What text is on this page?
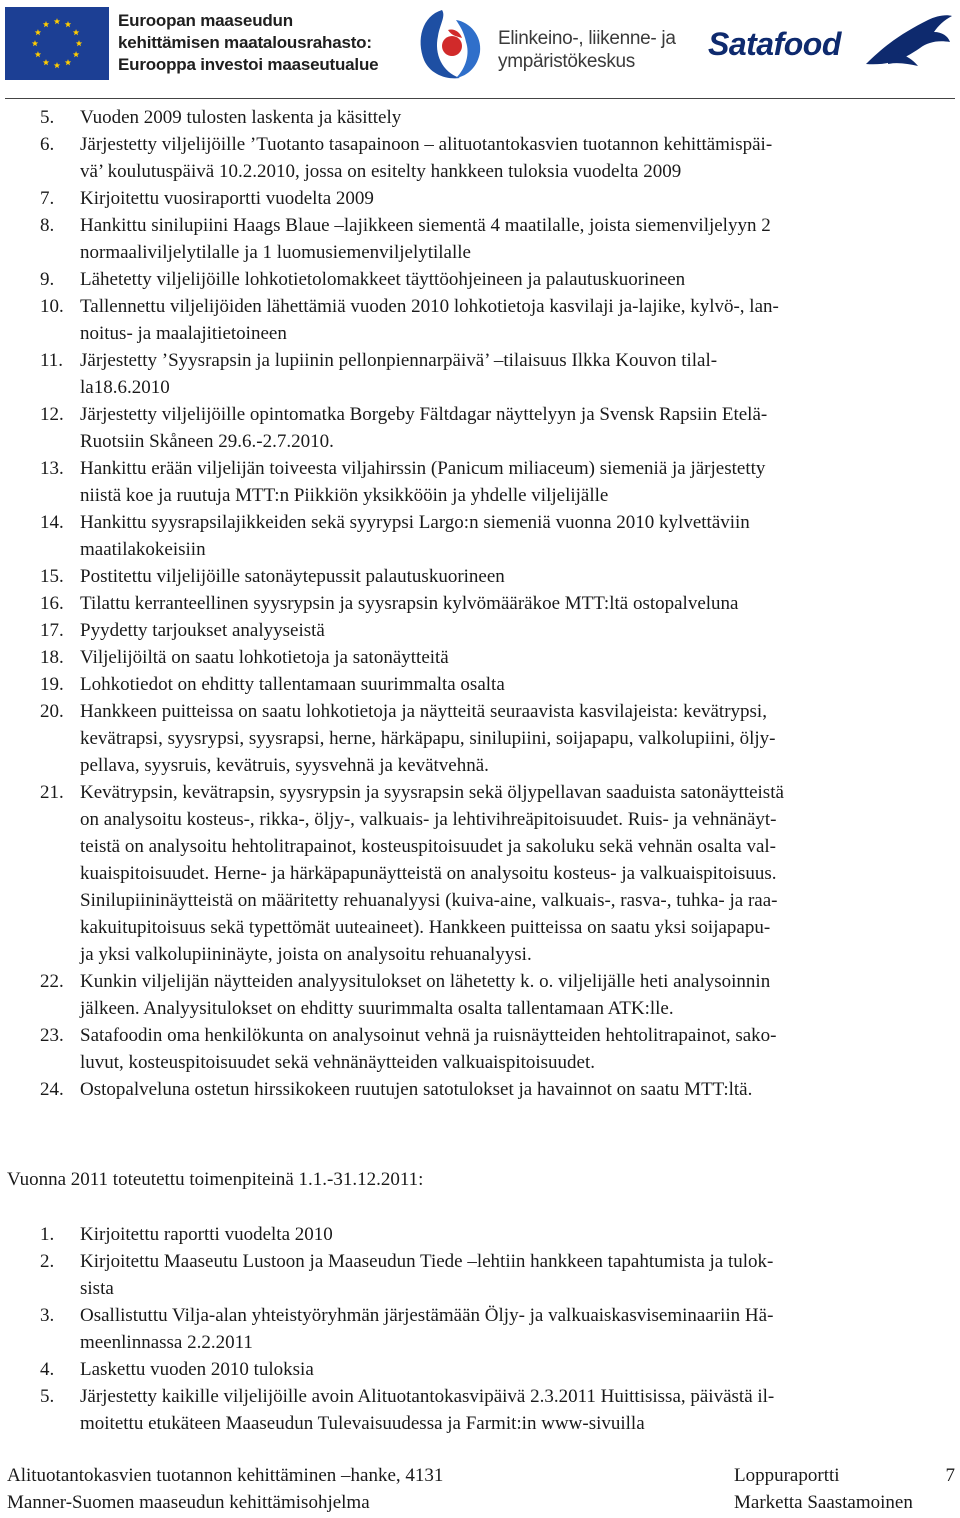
Euroopan maaseudun
kehittämisen maatalousrahasto:
Eurooppa investoi maaseutualue
Elinkeino-, liikenne- ja
ympäristökeskus	Satafood
5. Vuoden 2009 tulosten laskenta ja käsittely
6. Järjestetty viljelijöille ’Tuotanto tasapainoon – alituotantokasvien tuotannon kehittämispäi-
vä’ koulutuspäivä 10.2.2010, jossa on esitelty hankkeen tuloksia vuodelta 2009
7. Kirjoitettu vuosiraportti vuodelta 2009
8. Hankittu sinilupiini Haags Blaue –lajikkeen siementä 4 maatilalle, joista siemenviljelyyn 2
normaaliviljelytilalle ja 1 luomusiemenviljelytilalle
9. Lähetetty viljelijöille lohkotietolomakkeet täyttöohjeineen ja palautuskuorineen
10. Tallennettu viljelijöiden lähettämiä vuoden 2010 lohkotietoja kasvilaji ja-lajike, kylvö-, lan-
noitus- ja maalajitietoineen
11. Järjestetty ’Syysrapsin ja lupiinin pellonpiennarpäivä’ –tilaisuus Ilkka Kouvon tilal-
la18.6.2010
12. Järjestetty viljelijöille opintomatka Borgeby Fältdagar näyttelyyn ja Svensk Rapsiin Etelä-
Ruotsiin Skåneen 29.6.-2.7.2010.
13. Hankittu erään viljelijän toiveesta viljahirssin (Panicum miliaceum) siemeniä ja järjestetty
niistä koe ja ruutuja MTT:n Piikkiön yksikkööin ja yhdelle viljelijälle
14. Hankittu syysrapsilajikkeiden sekä syyrypsi Largo:n siemeniä vuonna 2010 kylvettäviin
maatilakokeisiin
15. Postitettu viljelijöille satonäytepussit palautuskuorineen
16. Tilattu kerranteellinen syysrypsin ja syysrapsin kylvömääräkoe MTT:ltä ostopalveluna
17. Pyydetty tarjoukset analyyseistä
18. Viljelijöiltä on saatu lohkotietoja ja satonäytteitä
19. Lohkotiedot on ehditty tallentamaan suurimmalta osalta
20. Hankkeen puitteissa on saatu lohkotietoja ja näytteitä seuraavista kasvilajeista: kevätrypsi,
kevätrapsi, syysrypsi, syysrapsi, herne, härkäpapu, sinilupiini, soijapapu, valkolupiini, öljy-
pellava, syysruis, kevätruis, syysvehnä ja kevätvehnä.
21. Kevätrypsin, kevätrapsin, syysrypsin ja syysrapsin sekä öljypellavan saaduista satonäytteistä
on analysoitu kosteus-, rikka-, öljy-, valkuais- ja lehtivihreäpitoisuudet. Ruis- ja vehnänäyt-
teistä on analysoitu hehtolitrapainot, kosteuspitoisuudet ja sakoluku sekä vehnän osalta val-
kuaispitoisuudet. Herne- ja härkäpapunäytteistä on analysoitu kosteus- ja valkuaispitoisuus.
Sinilupiininäytteistä on määritetty rehuanalyysi (kuiva-aine, valkuais-, rasva-, tuhka- ja raa-
kakuitupitoisuus sekä typettömät uuteaineet). Hankkeen puitteissa on saatu yksi soijapapu-
ja yksi valkolupiininäyte, joista on analysoitu rehuanalyysi.
22. Kunkin viljelijän näytteiden analyysitulokset on lähetetty k. o. viljelijälle heti analysoinnin
jälkeen. Analyysitulokset on ehditty suurimmalta osalta tallentamaan ATK:lle.
23. Satafoodin oma henkilökunta on analysoinut vehnä ja ruisnäytteiden hehtolitrapainot, sako-
luvut, kosteuspitoisuudet sekä vehnänäytteiden valkuaispitoisuudet.
24. Ostopalveluna ostetun hirssikokeen ruutujen satotulokset ja havainnot on saatu MTT:ltä.
Vuonna 2011 toteutettu toimenpiteinä 1.1.-31.12.2011:
1. Kirjoitettu raportti vuodelta 2010
2. Kirjoitettu Maaseutu Lustoon ja Maaseudun Tiede –lehtiin hankkeen tapahtumista ja tulok-
sista
3. Osallistuttu Vilja-alan yhteistyöryhmän järjestämään Öljy- ja valkuaiskasviseminaariin Hä-
meenlinnassa 2.2.2011
4. Laskettu vuoden 2010 tuloksia
5. Järjestetty kaikille viljelijöille avoin Alituotantokasvipäivä 2.3.2011 Huittisissa, päivästä il-
moitettu etukäteen Maaseudun Tulevaisuudessa ja Farmit:in www-sivuilla
Alituotantokasvien tuotannon kehittäminen –hanke, 4131	Loppuraportti	7
Manner-Suomen maaseudun kehittämisohjelma	Marketta Saastamoinen
